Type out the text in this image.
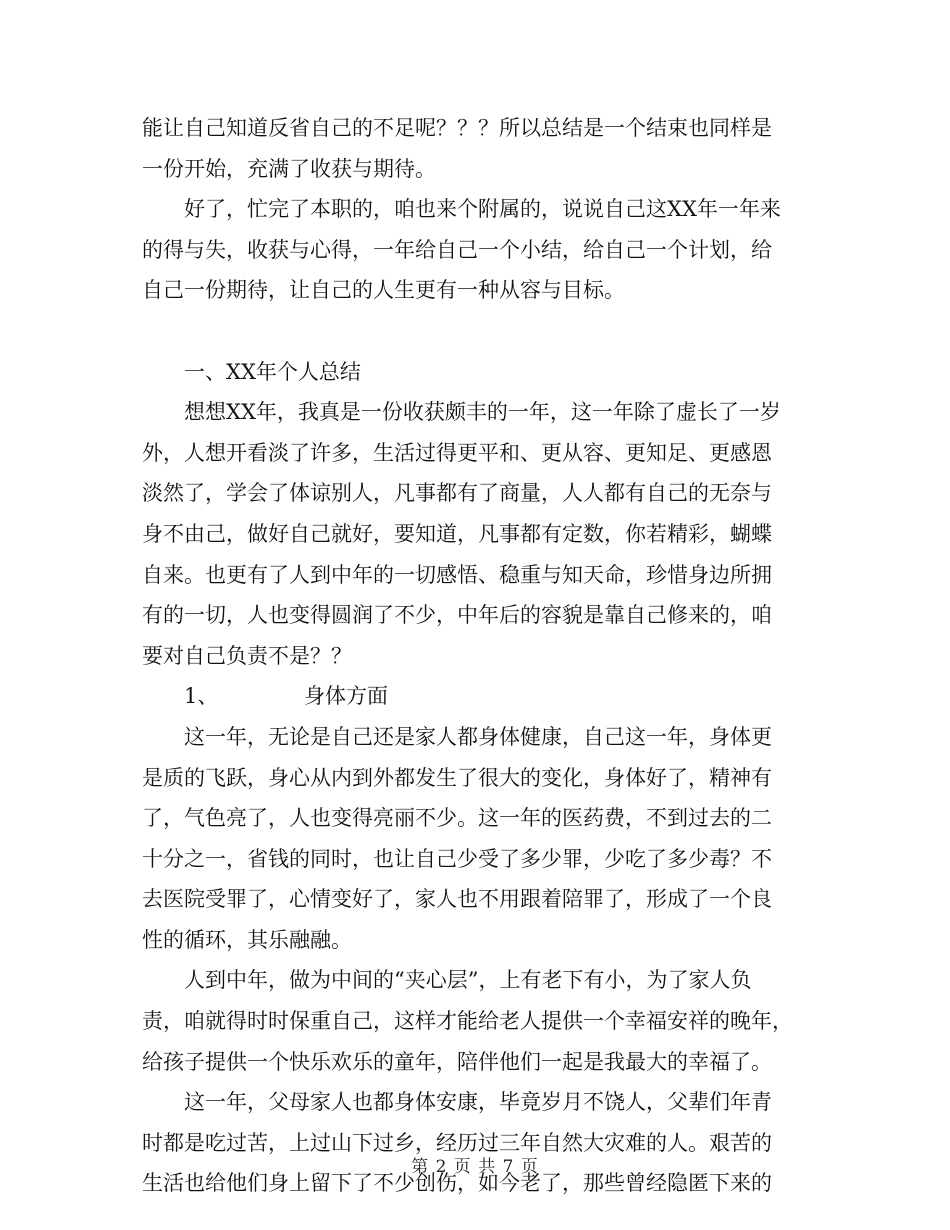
能让自己知道反省自己的不足呢？？？所以总结是一个结束也同样是
一份开始，充满了收获与期待。
好了，忙完了本职的，咱也来个附属的，说说自己这XX年一年来
的得与失，收获与心得，一年给自己一个小结，给自己一个计划，给
自己一份期待，让自己的人生更有一种从容与目标。
一、XX年个人总结
想想XX年，我真是一份收获颇丰的一年，这一年除了虚长了一岁
外，人想开看淡了许多，生活过得更平和、更从容、更知足、更感恩
淡然了，学会了体谅别人，凡事都有了商量，人人都有自己的无奈与
身不由己，做好自己就好，要知道，凡事都有定数，你若精彩，蝴蝶
自来。也更有了人到中年的一切感悟、稳重与知天命，珍惜身边所拥
有的一切，人也变得圆润了不少，中年后的容貌是靠自己修来的，咱
要对自己负责不是？？
1、	身体方面
这一年，无论是自己还是家人都身体健康，自己这一年，身体更
是质的飞跃，身心从内到外都发生了很大的变化，身体好了，精神有
了，气色亮了，人也变得亮丽不少。这一年的医药费，不到过去的二
十分之一，省钱的同时，也让自己少受了多少罪，少吃了多少毒？不
去医院受罪了，心情变好了，家人也不用跟着陪罪了，形成了一个良
性的循环，其乐融融。
人到中年，做为中间的“夹心层”，上有老下有小，为了家人负
责，咱就得时时保重自己，这样才能给老人提供一个幸福安祥的晚年，
给孩子提供一个快乐欢乐的童年，陪伴他们一起是我最大的幸福了。
这一年，父母家人也都身体安康，毕竟岁月不饶人，父辈们年青
时都是吃过苦，上过山下过乡，经历过三年自然大灾难的人。艰苦的
生活也给他们身上留下了不少创伤，如今老了，那些曾经隐匿下来的
第 2 页 共 7 页
